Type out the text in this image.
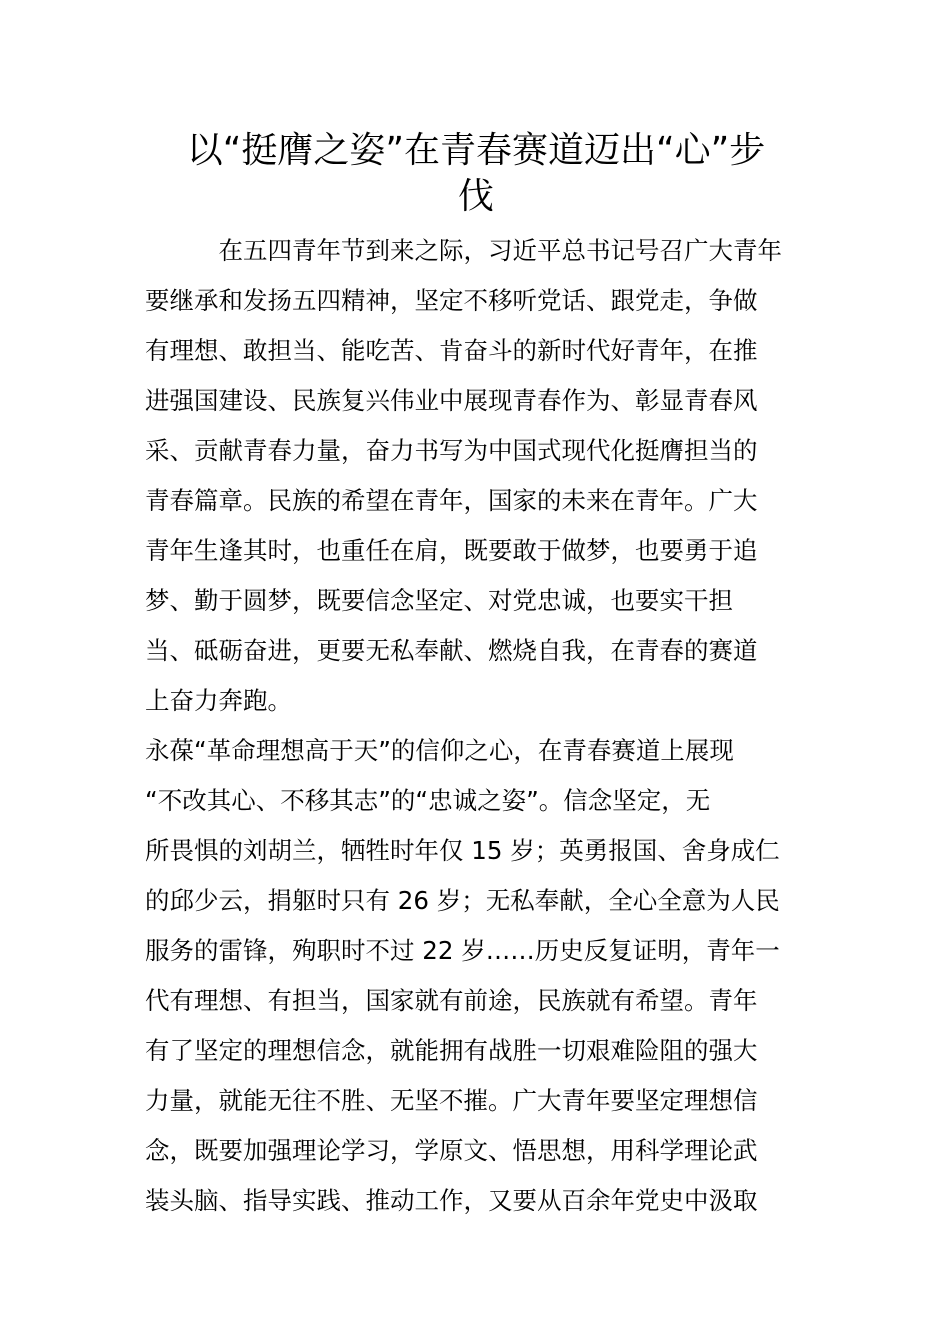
以“挺膺之姿”在青春赛道迈出“心”步
伐
　　　在五四青年节到来之际，习近平总书记号召广大青年
要继承和发扬五四精神，坚定不移听党话、跟党走，争做
有理想、敢担当、能吃苦、肯奋斗的新时代好青年，在推
进强国建设、民族复兴伟业中展现青春作为、彰显青春风
采、贡献青春力量，奋力书写为中国式现代化挺膺担当的
青春篇章。民族的希望在青年，国家的未来在青年。广大
青年生逢其时，也重任在肩，既要敢于做梦，也要勇于追
梦、勤于圆梦，既要信念坚定、对党忠诚，也要实干担
当、砥砺奋进，更要无私奉献、燃烧自我，在青春的赛道
上奋力奔跑。
永葆“革命理想高于天”的信仰之心，在青春赛道上展现
“不改其心、不移其志”的“忠诚之姿”。信念坚定，无
所畏惧的刘胡兰，牺牲时年仅 15 岁；英勇报国、舍身成仁
的邱少云，捐躯时只有 26 岁；无私奉献，全心全意为人民
服务的雷锋，殉职时不过 22 岁……历史反复证明，青年一
代有理想、有担当，国家就有前途，民族就有希望。青年
有了坚定的理想信念，就能拥有战胜一切艰难险阻的强大
力量，就能无往不胜、无坚不摧。广大青年要坚定理想信
念，既要加强理论学习，学原文、悟思想，用科学理论武
装头脑、指导实践、推动工作，又要从百余年党史中汲取
